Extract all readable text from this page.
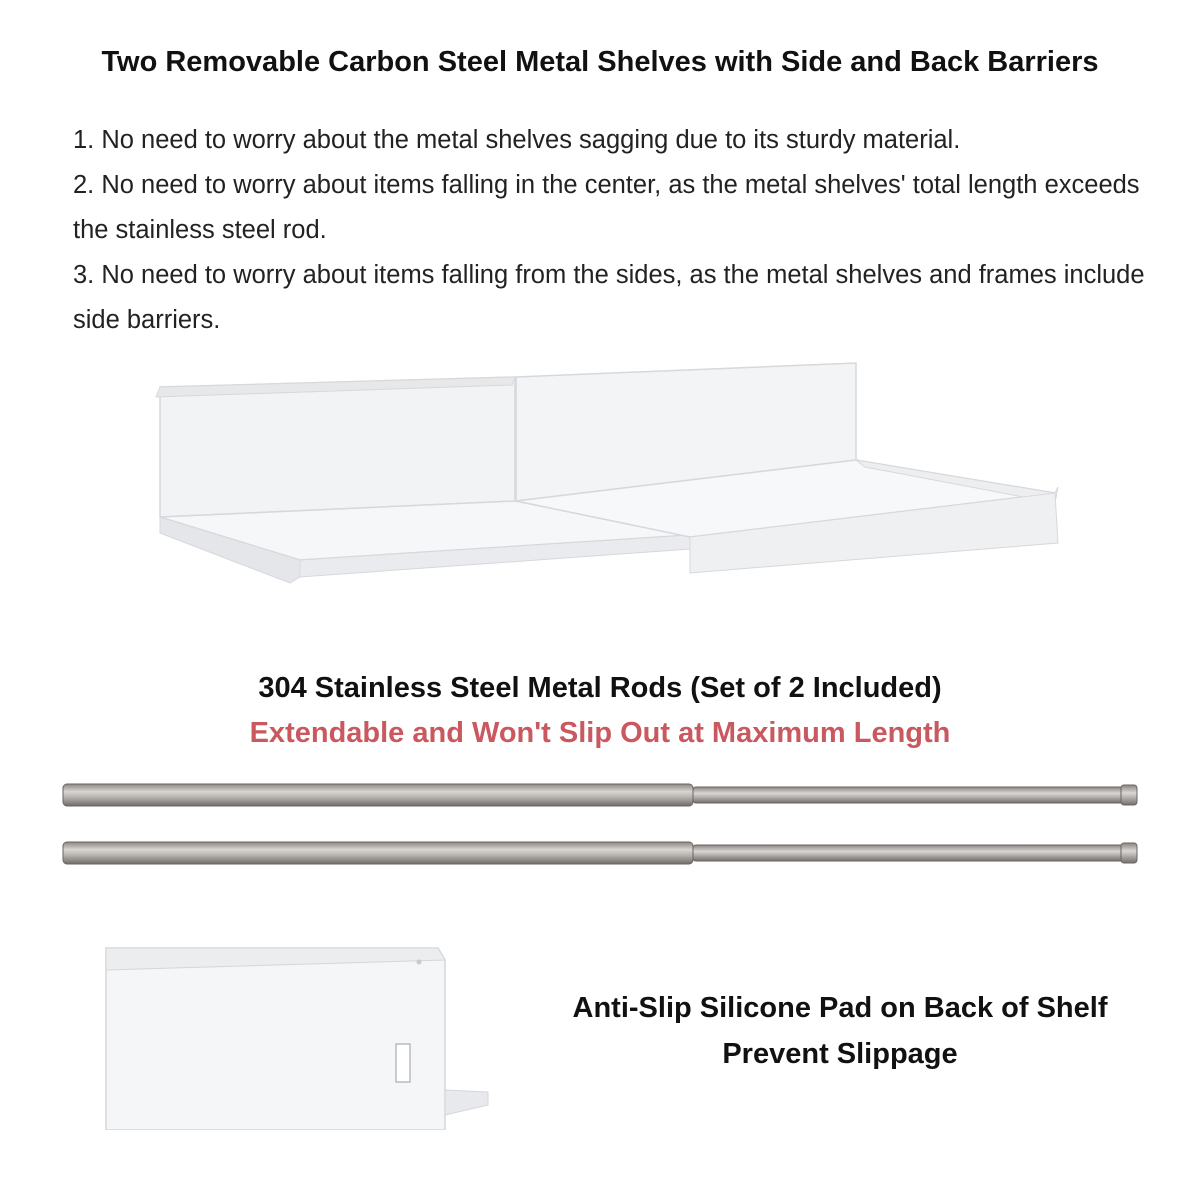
Two Removable Carbon Steel Metal Shelves with Side and Back Barriers

1. No need to worry about the metal shelves sagging due to its sturdy material.

2. No need to worry about items falling in the center, as the metal shelves' total length exceeds the stainless steel rod.

3. No need to worry about items falling from the sides, as the metal shelves and frames include side barriers.

304 Stainless Steel Metal Rods (Set of 2 Included)
Extendable and Won't Slip Out at Maximum Length
Anti-Slip Silicone Pad on Back of Shelf
Prevent Slippage
